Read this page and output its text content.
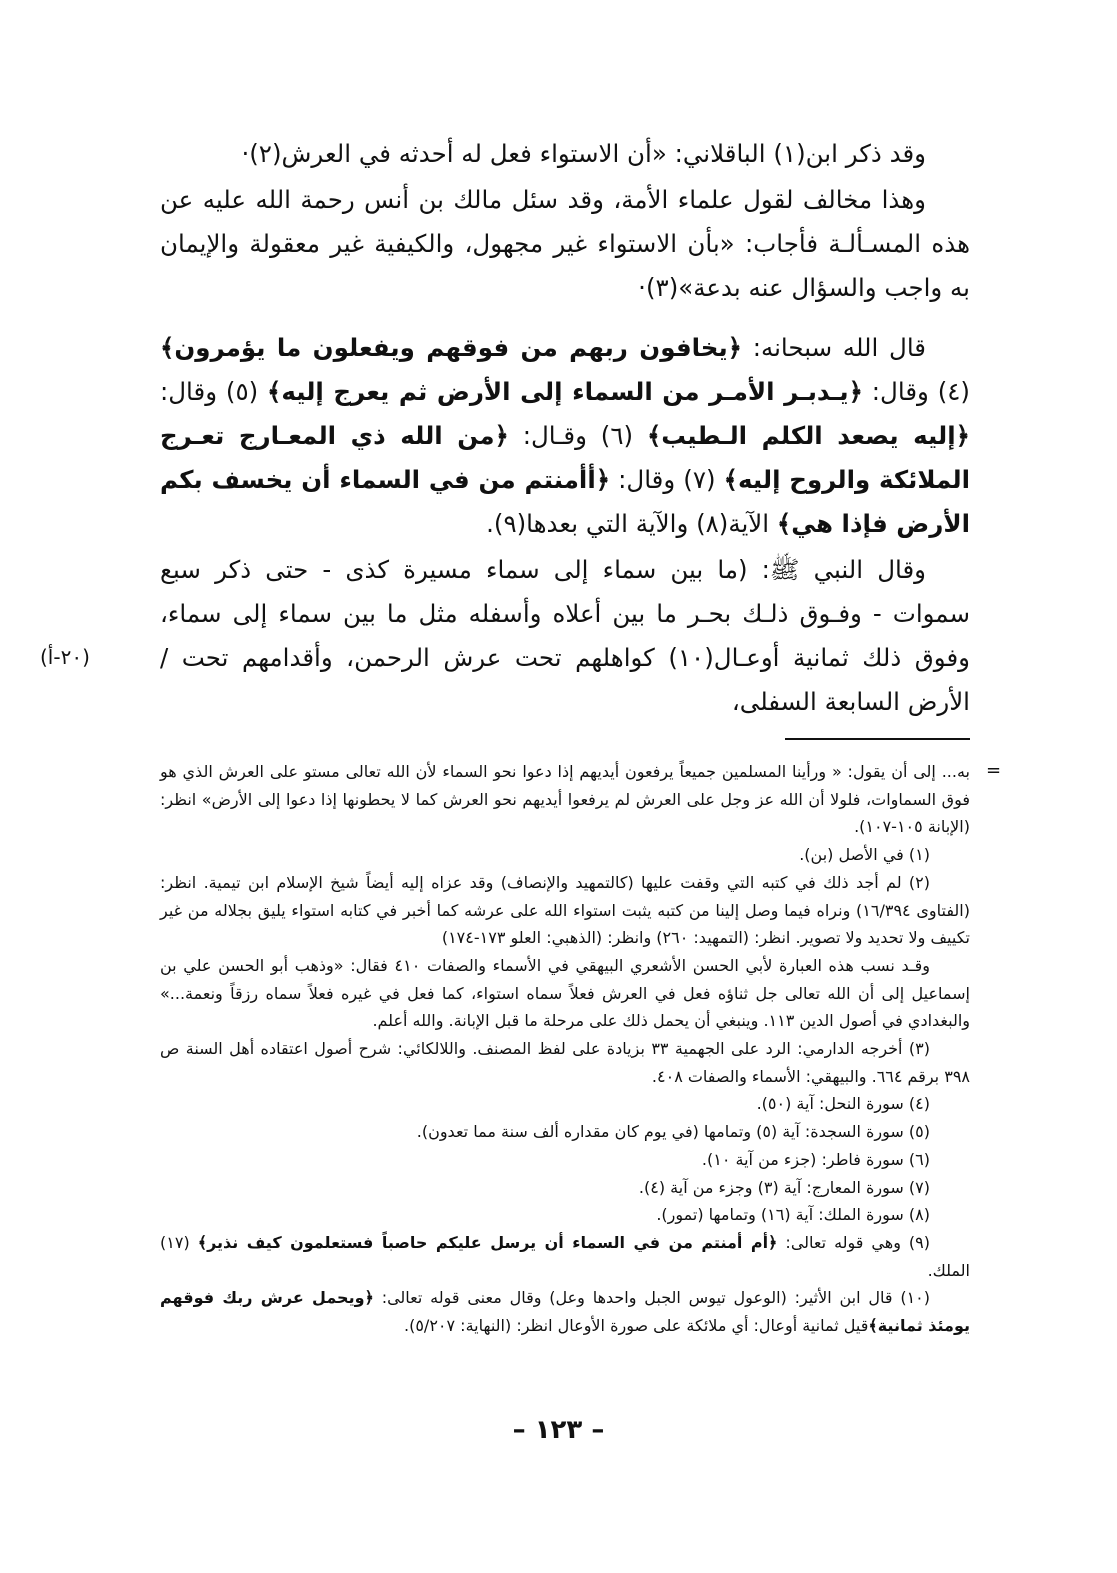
وقد ذكر ابن(١) الباقلاني: «أن الاستواء فعل له أحدثه في العرش(٢)·

وهذا مخالف لقول علماء الأمة، وقد سئل مالك بن أنس رحمة الله عليه عن هذه المسـألـة فأجاب: «بأن الاستواء غير مجهول، والكيفية غير معقولة والإيمان به واجب والسؤال عنه بدعة»(٣)·

قال الله سبحانه: ﴿يخافون ربهم من فوقهم ويفعلون ما يؤمرون﴾ (٤) وقال: ﴿يـدبـر الأمـر من السماء إلى الأرض ثم يعرج إليه﴾ (٥) وقال: ﴿إليه يصعد الكلم الـطيب﴾ (٦) وقـال: ﴿من الله ذي المعـارج تعـرج الملائكة والروح إليه﴾ (٧) وقال: ﴿أأمنتم من في السماء أن يخسف بكم الأرض فإذا هي﴾ الآية(٨) والآية التي بعدها(٩).

وقال النبي ﷺ: (ما بين سماء إلى سماء مسيرة كذى - حتى ذكر سبع سموات - وفـوق ذلـك بحـر ما بين أعلاه وأسفله مثل ما بين سماء إلى سماء، وفوق ذلك ثمانية أوعـال(١٠) كواهلهم تحت عرش الرحمن، وأقدامهم تحت / الأرض السابعة السفلى،

(٢٠-أ)
=

به... إلى أن يقول: « ورأينا المسلمين جميعاً يرفعون أيديهم إذا دعوا نحو السماء لأن الله تعالى مستو على العرش الذي هو فوق السماوات، فلولا أن الله عز وجل على العرش لم يرفعوا أيديهم نحو العرش كما لا يحطونها إذا دعوا إلى الأرض» انظر: (الإبانة ١٠٥-١٠٧).

(١) في الأصل (بن).

(٢) لم أجد ذلك في كتبه التي وقفت عليها (كالتمهيد والإنصاف) وقد عزاه إليه أيضاً شيخ الإسلام ابن تيمية. انظر: (الفتاوى ١٦/٣٩٤) ونراه فيما وصل إلينا من كتبه يثبت استواء الله على عرشه كما أخبر في كتابه استواء يليق بجلاله من غير تكييف ولا تحديد ولا تصوير. انظر: (التمهيد: ٢٦٠) وانظر: (الذهبي: العلو ١٧٣-١٧٤)

وقـد نسب هذه العبارة لأبي الحسن الأشعري البيهقي في الأسماء والصفات ٤١٠ فقال: «وذهب أبو الحسن علي بن إسماعيل إلى أن الله تعالى جل ثناؤه فعل في العرش فعلاً سماه استواء، كما فعل في غيره فعلاً سماه رزقاً ونعمة...» والبغدادي في أصول الدين ١١٣. وينبغي أن يحمل ذلك على مرحلة ما قبل الإبانة. والله أعلم.

(٣) أخرجه الدارمي: الرد على الجهمية ٣٣ بزيادة على لفظ المصنف. واللالكائي: شرح أصول اعتقاده أهل السنة ص ٣٩٨ برقم ٦٦٤. والبيهقي: الأسماء والصفات ٤٠٨.

(٤) سورة النحل: آية (٥٠).

(٥) سورة السجدة: آية (٥) وتمامها (في يوم كان مقداره ألف سنة مما تعدون).

(٦) سورة فاطر: (جزء من آية ١٠).

(٧) سورة المعارج: آية (٣) وجزء من آية (٤).

(٨) سورة الملك: آية (١٦) وتمامها (تمور).

(٩) وهي قوله تعالى: ﴿أم أمنتم من في السماء أن يرسل عليكم حاصباً فستعلمون كيف نذير﴾ (١٧) الملك.

(١٠) قال ابن الأثير: (الوعول تيوس الجبل واحدها وعل) وقال معنى قوله تعالى: ﴿ويحمل عرش ربك فوقهم يومئذ ثمانية﴾قيل ثمانية أوعال: أي ملائكة على صورة الأوعال انظر: (النهاية: ٥/٢٠٧).

– ١٢٣ –
